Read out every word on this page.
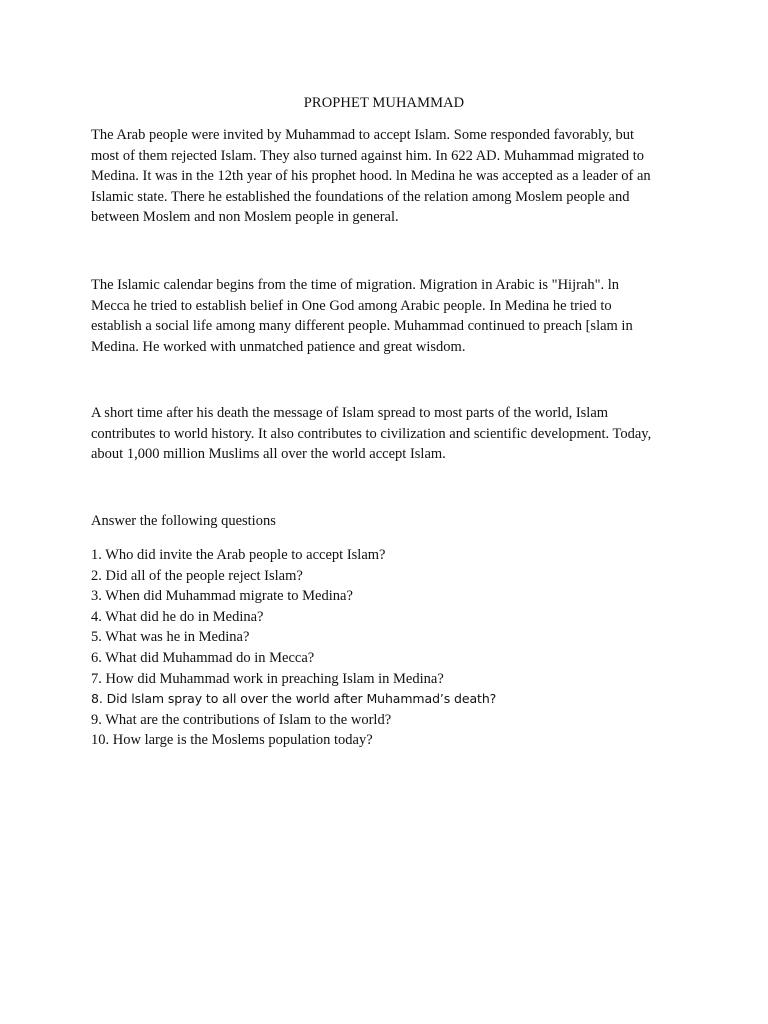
PROPHET MUHAMMAD

The Arab people were invited by Muhammad to accept Islam. Some responded favorably, but
most of them rejected Islam. They also turned against him. In 622 AD. Muhammad migrated to
Medina. It was in the 12th year of his prophet hood. ln Medina he was accepted as a leader of an
Islamic state. There he established the foundations of the relation among Moslem people and
between Moslem and non Moslem people in general.

The Islamic calendar begins from the time of migration. Migration in Arabic is "Hijrah". ln
Mecca he tried to establish belief in One God among Arabic people. In Medina he tried to
establish a social life among many different people. Muhammad continued to preach [slam in
Medina. He worked with unmatched patience and great wisdom.

A short time after his death the message of Islam spread to most parts of the world, Islam
contributes to world history. It also contributes to civilization and scientific development. Today,
about 1,000 million Muslims all over the world accept Islam.

Answer the following questions
1. Who did invite the Arab people to accept Islam?
2. Did all of the people reject Islam?
3. When did Muhammad migrate to Medina?
4. What did he do in Medina?
5. What was he in Medina?
6. What did Muhammad do in Mecca?
7. How did Muhammad work in preaching Islam in Medina?
8. Did lslam spray to all over the world after Muhammad’s death?
9. What are the contributions of Islam to the world?
10. How large is the Moslems population today?
